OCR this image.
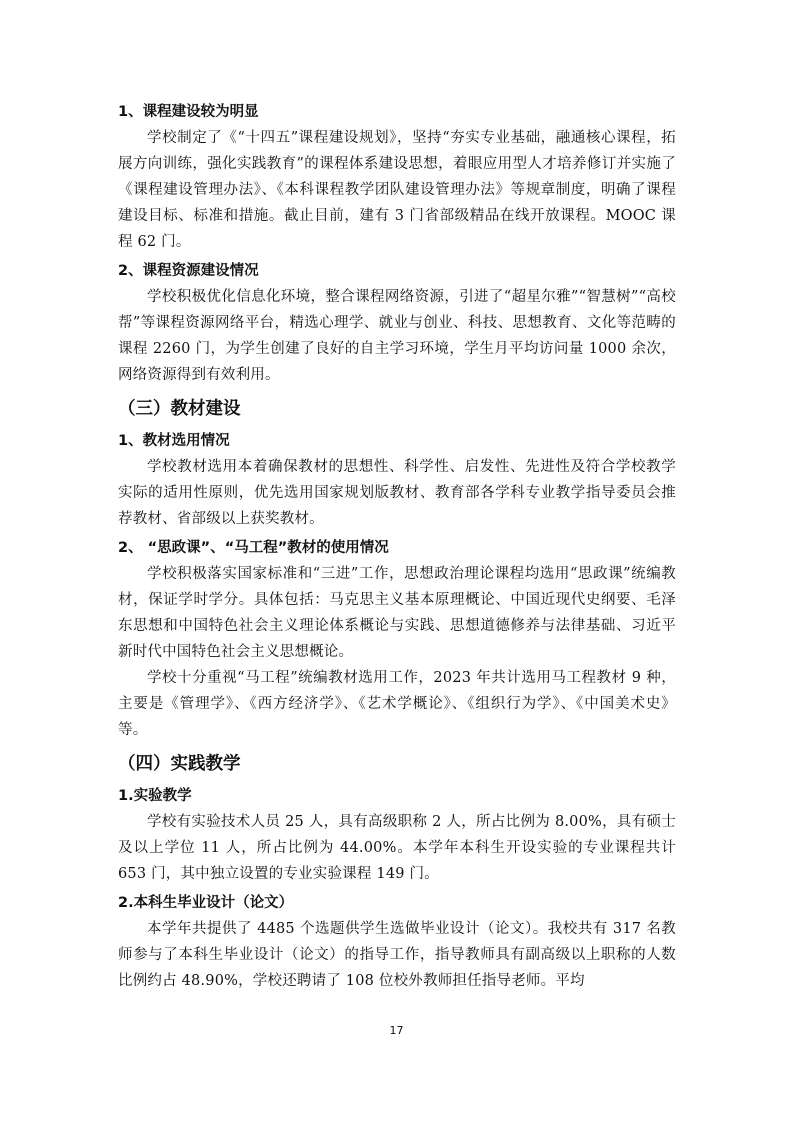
1、课程建设较为明显

学校制定了《“十四五”课程建设规划》，坚持“夯实专业基础，融通核心课程，拓展方向训练，强化实践教育”的课程体系建设思想，着眼应用型人才培养修订并实施了《课程建设管理办法》、《本科课程教学团队建设管理办法》等规章制度，明确了课程建设目标、标准和措施。截止目前，建有 3 门省部级精品在线开放课程。MOOC 课程 62 门。

2、课程资源建设情况

学校积极优化信息化环境，整合课程网络资源，引进了“超星尔雅”“智慧树”“高校帮”等课程资源网络平台，精选心理学、就业与创业、科技、思想教育、文化等范畴的课程 2260 门，为学生创建了良好的自主学习环境，学生月平均访问量 1000 余次，网络资源得到有效利用。

（三）教材建设
1、教材选用情况

学校教材选用本着确保教材的思想性、科学性、启发性、先进性及符合学校教学实际的适用性原则，优先选用国家规划版教材、教育部各学科专业教学指导委员会推荐教材、省部级以上获奖教材。

2、 “思政课”、“马工程”教材的使用情况

学校积极落实国家标准和“三进”工作，思想政治理论课程均选用“思政课”统编教材，保证学时学分。具体包括：马克思主义基本原理概论、中国近现代史纲要、毛泽东思想和中国特色社会主义理论体系概论与实践、思想道德修养与法律基础、习近平新时代中国特色社会主义思想概论。

学校十分重视“马工程”统编教材选用工作，2023 年共计选用马工程教材 9 种，主要是《管理学》、《西方经济学》、《艺术学概论》、《组织行为学》、《中国美术史》等。

（四）实践教学
1.实验教学

学校有实验技术人员 25 人，具有高级职称 2 人，所占比例为 8.00%，具有硕士及以上学位 11 人，所占比例为 44.00%。本学年本科生开设实验的专业课程共计 653 门，其中独立设置的专业实验课程 149 门。

2.本科生毕业设计（论文）

本学年共提供了 4485 个选题供学生选做毕业设计（论文）。我校共有 317 名教师参与了本科生毕业设计（论文）的指导工作，指导教师具有副高级以上职称的人数比例约占 48.90%，学校还聘请了 108 位校外教师担任指导老师。平均

17
